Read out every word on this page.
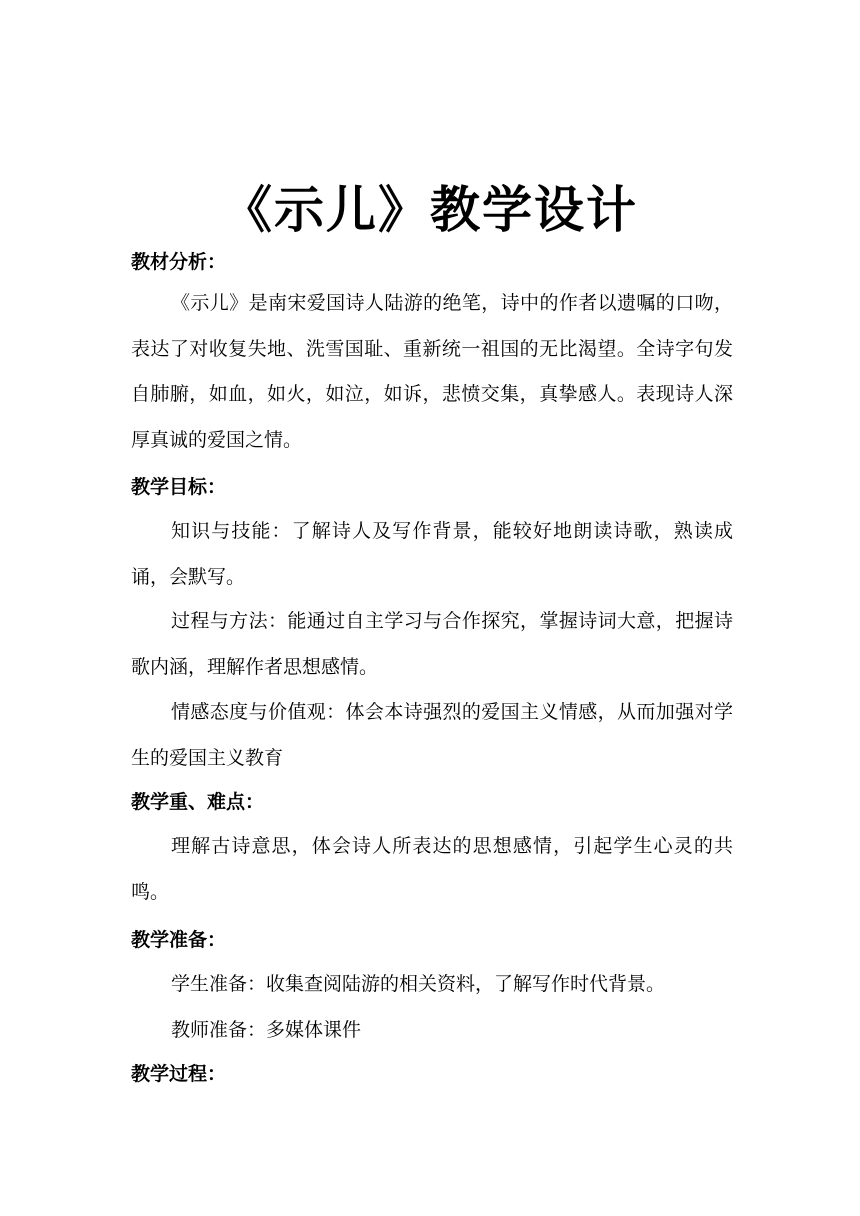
《示儿》教学设计
教材分析：

《示儿》是南宋爱国诗人陆游的绝笔，诗中的作者以遗嘱的口吻，表达了对收复失地、洗雪国耻、重新统一祖国的无比渴望。全诗字句发自肺腑，如血，如火，如泣，如诉，悲愤交集，真挚感人。表现诗人深厚真诚的爱国之情。

教学目标：

知识与技能：了解诗人及写作背景，能较好地朗读诗歌，熟读成诵，会默写。

过程与方法：能通过自主学习与合作探究，掌握诗词大意，把握诗歌内涵，理解作者思想感情。

情感态度与价值观：体会本诗强烈的爱国主义情感，从而加强对学生的爱国主义教育

教学重、难点：

理解古诗意思，体会诗人所表达的思想感情，引起学生心灵的共鸣。

教学准备：

学生准备：收集查阅陆游的相关资料，了解写作时代背景。

教师准备：多媒体课件

教学过程：
